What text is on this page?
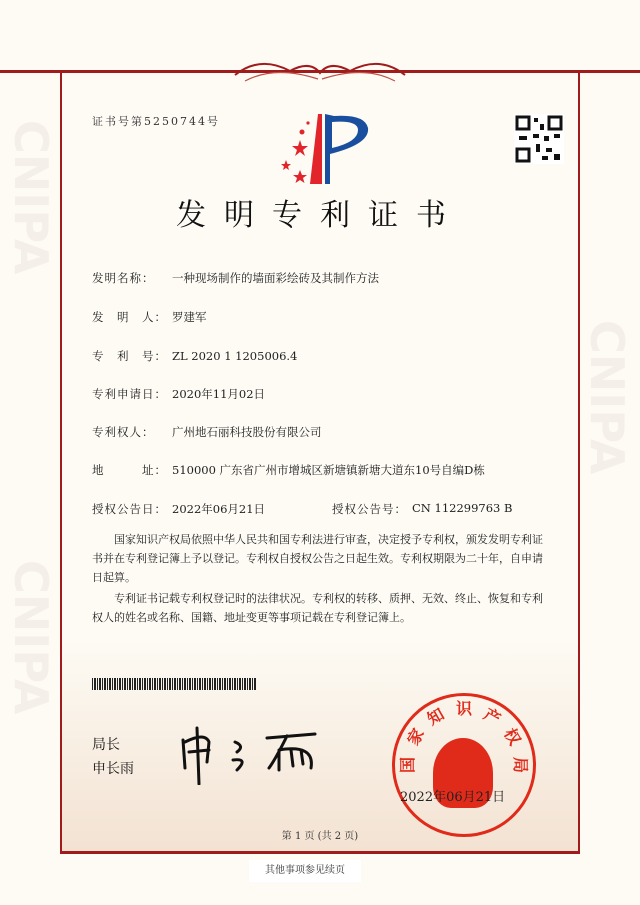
CNIPA
CNIPA
CNIPA
证书号第5250744号
发明专利证书
发明名称：	一种现场制作的墙面彩绘砖及其制作方法
发　明　人： 罗建军
专　利　号： ZL 2020 1 1205006.4
专利申请日： 2020年11月02日
专利权人：	广州地石丽科技股份有限公司
地　　　址： 510000 广东省广州市增城区新塘镇新塘大道东10号自编D栋
授权公告日： 2022年06月21日	授权公告号： CN 112299763 B
国家知识产权局依照中华人民共和国专利法进行审查，决定授予专利权，颁发发明专利证书并在专利登记簿上予以登记。专利权自授权公告之日起生效。专利权期限为二十年，自申请日起算。
专利证书记载专利权登记时的法律状况。专利权的转移、质押、无效、终止、恢复和专利权人的姓名或名称、国籍、地址变更等事项记载在专利登记簿上。
局长
申长雨	国
家
知 识 产
权
局
2022年06月21日
第 1 页 (共 2 页)
其他事项参见续页
